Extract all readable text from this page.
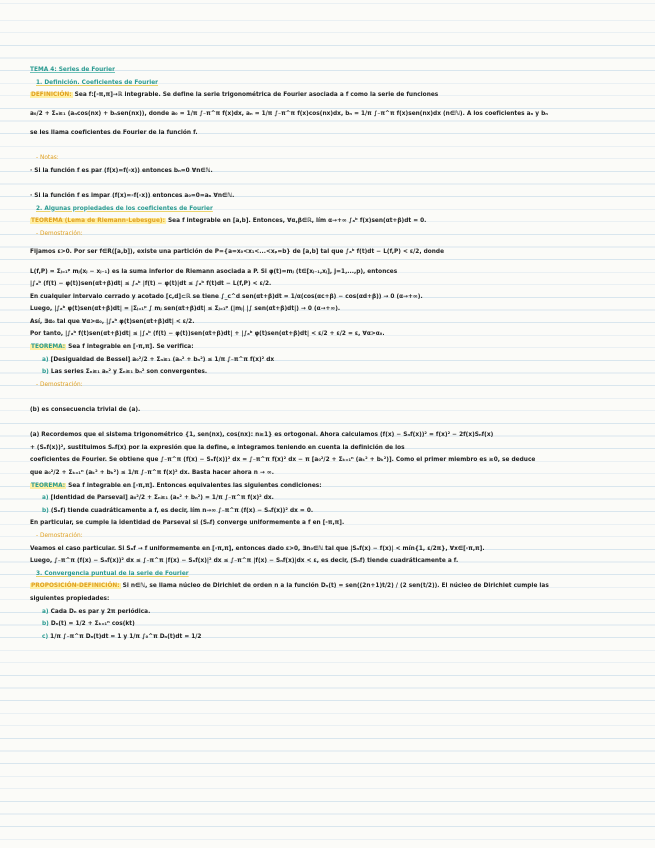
TEMA 4: Series de Fourier
1. Definición. Coeficientes de Fourier
DEFINICIÓN: Sea f:[-π,π]→ℝ integrable. Se define la serie trigonométrica de Fourier asociada a f como la serie de funciones
a₀/2 + Σₙ≥₁ (aₙcos(nx) + bₙsen(nx)), donde a₀ = 1/π ∫₋π^π f(x)dx, aₙ = 1/π ∫₋π^π f(x)cos(nx)dx, bₙ = 1/π ∫₋π^π f(x)sen(nx)dx (n∈ℕ). A los coeficientes aₙ y bₙ
se les llama coeficientes de Fourier de la función f.
- Notas:
· Si la función f es par (f(x)=f(-x)) entonces bₙ=0 ∀n∈ℕ.
· Si la función f es impar (f(x)=-f(-x)) entonces a₀=0=aₙ ∀n∈ℕ.
2. Algunas propiedades de los coeficientes de Fourier
TEOREMA (Lema de Riemann-Lebesgue): Sea f integrable en [a,b]. Entonces, ∀α,β∈ℝ, lím α→+∞ ∫ₐᵇ f(x)sen(αt+β)dt = 0.
- Demostración:
Fijamos ε>0. Por ser f∈R([a,b]), existe una partición de P={a=x₀<x₁<...<xₚ=b} de [a,b] tal que ∫ₐᵇ f(t)dt − L(f,P) < ε/2, donde
L(f,P) = Σⱼ₌₁ᵖ mⱼ(xⱼ − xⱼ₋₁) es la suma inferior de Riemann asociada a P. Si φ(t)=mⱼ (t∈[xⱼ₋₁,xⱼ], j=1,...,p), entonces
|∫ₐᵇ (f(t) − φ(t))sen(αt+β)dt| ≤ ∫ₐᵇ |f(t) − φ(t)|dt ≤ ∫ₐᵇ f(t)dt − L(f,P) < ε/2.
En cualquier intervalo cerrado y acotado [c,d]⊂ℝ se tiene ∫_c^d sen(αt+β)dt = 1/α(cos(αc+β) − cos(αd+β)) → 0 (α→+∞).
Luego, |∫ₐᵇ φ(t)sen(αt+β)dt| = |Σⱼ₌₁ᵖ ∫ mⱼ sen(αt+β)dt| ≤ Σⱼ₌₁ᵖ (|mⱼ| |∫ sen(αt+β)dt|) → 0 (α→+∞).
Así, ∃α₀ tal que ∀α>α₀, |∫ₐᵇ φ(t)sen(αt+β)dt| < ε/2.
Por tanto, |∫ₐᵇ f(t)sen(αt+β)dt| ≤ |∫ₐᵇ (f(t) − φ(t))sen(αt+β)dt| + |∫ₐᵇ φ(t)sen(αt+β)dt| < ε/2 + ε/2 = ε, ∀α>α₀.
TEOREMA: Sea f integrable en [-π,π]. Se verifica:
a) [Desigualdad de Bessel] a₀²/2 + Σₙ≥₁ (aₙ² + bₙ²) ≤ 1/π ∫₋π^π f(x)² dx
b) Las series Σₙ≥₁ aₙ² y Σₙ≥₁ bₙ² son convergentes.
- Demostración:
(b) es consecuencia trivial de (a).
(a) Recordemos que el sistema trigonométrico {1, sen(nx), cos(nx): n≥1} es ortogonal. Ahora calculamos (f(x) − Sₙf(x))² = f(x)² − 2f(x)Sₙf(x)
+ (Sₙf(x))², sustituimos Sₙf(x) por la expresión que la define, e integramos teniendo en cuenta la definición de los
coeficientes de Fourier. Se obtiene que ∫₋π^π (f(x) − Sₙf(x))² dx = ∫₋π^π f(x)² dx − π [a₀²/2 + Σₖ₌₁ⁿ (aₖ² + bₖ²)]. Como el primer miembro es ≥0, se deduce
que a₀²/2 + Σₖ₌₁ⁿ (aₖ² + bₖ²) ≤ 1/π ∫₋π^π f(x)² dx. Basta hacer ahora n → ∞.
TEOREMA: Sea f integrable en [-π,π]. Entonces equivalentes las siguientes condiciones:
a) [Identidad de Parseval] a₀²/2 + Σₙ≥₁ (aₙ² + bₙ²) = 1/π ∫₋π^π f(x)² dx.
b) (Sₙf) tiende cuadráticamente a f, es decir, lím n→∞ ∫₋π^π (f(x) − Sₙf(x))² dx = 0.
En particular, se cumple la identidad de Parseval si (Sₙf) converge uniformemente a f en [-π,π].
- Demostración:
Veamos el caso particular. Si Sₙf → f uniformemente en [-π,π], entonces dado ε>0, ∃n₀∈ℕ tal que |Sₙf(x) − f(x)| < mín{1, ε/2π}, ∀x∈[-π,π].
Luego, ∫₋π^π (f(x) − Sₙf(x))² dx ≤ ∫₋π^π |f(x) − Sₙf(x)|² dx ≤ ∫₋π^π |f(x) − Sₙf(x)|dx < ε, es decir, (Sₙf) tiende cuadráticamente a f.
3. Convergencia puntual de la serie de Fourier
PROPOSICIÓN-DEFINICIÓN: Si n∈ℕ, se llama núcleo de Dirichlet de orden n a la función Dₙ(t) = sen((2n+1)t/2) / (2 sen(t/2)). El núcleo de Dirichlet cumple las
siguientes propiedades:
a) Cada Dₙ es par y 2π periódica.
b) Dₙ(t) = 1/2 + Σₖ₌₁ⁿ cos(kt)
c) 1/π ∫₋π^π Dₙ(t)dt = 1 y 1/π ∫₀^π Dₙ(t)dt = 1/2
